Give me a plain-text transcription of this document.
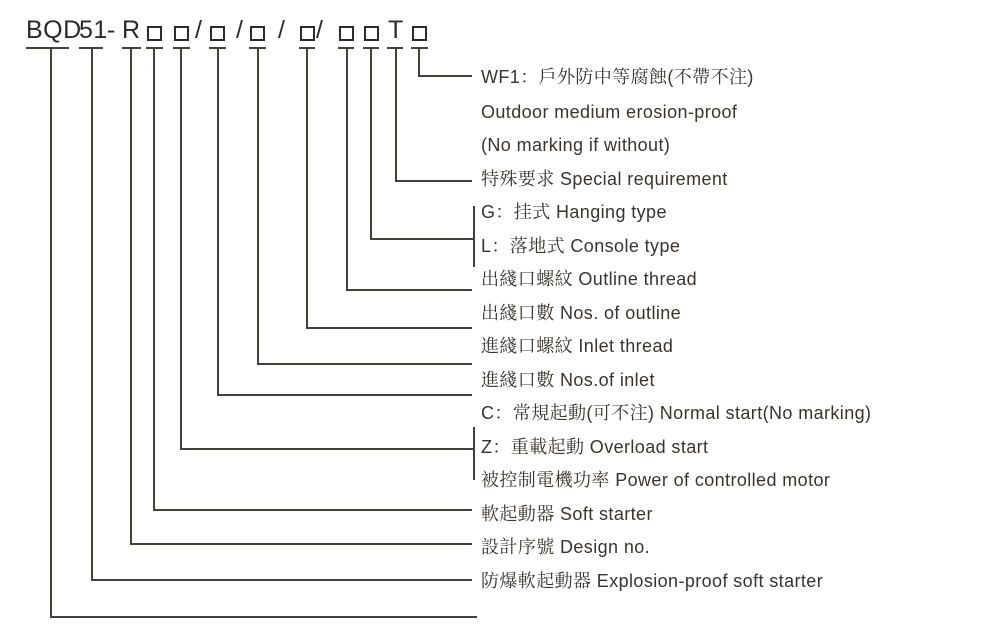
BQD
51 - R / / / /	T
WF1：戶外防中等腐蝕(不帶不注)
Outdoor medium erosion-proof
(No marking if without)
特殊要求 Special requirement
G：挂式 Hanging type
L：落地式 Console type
出綫口螺紋 Outline thread
出綫口數 Nos. of outline
進綫口螺紋 Inlet thread
進綫口數 Nos.of inlet
C：常規起動(可不注) Normal start(No marking)
Z：重載起動 Overload start
被控制電機功率 Power of controlled motor
軟起動器 Soft starter
設計序號 Design no.
防爆軟起動器 Explosion-proof soft starter
